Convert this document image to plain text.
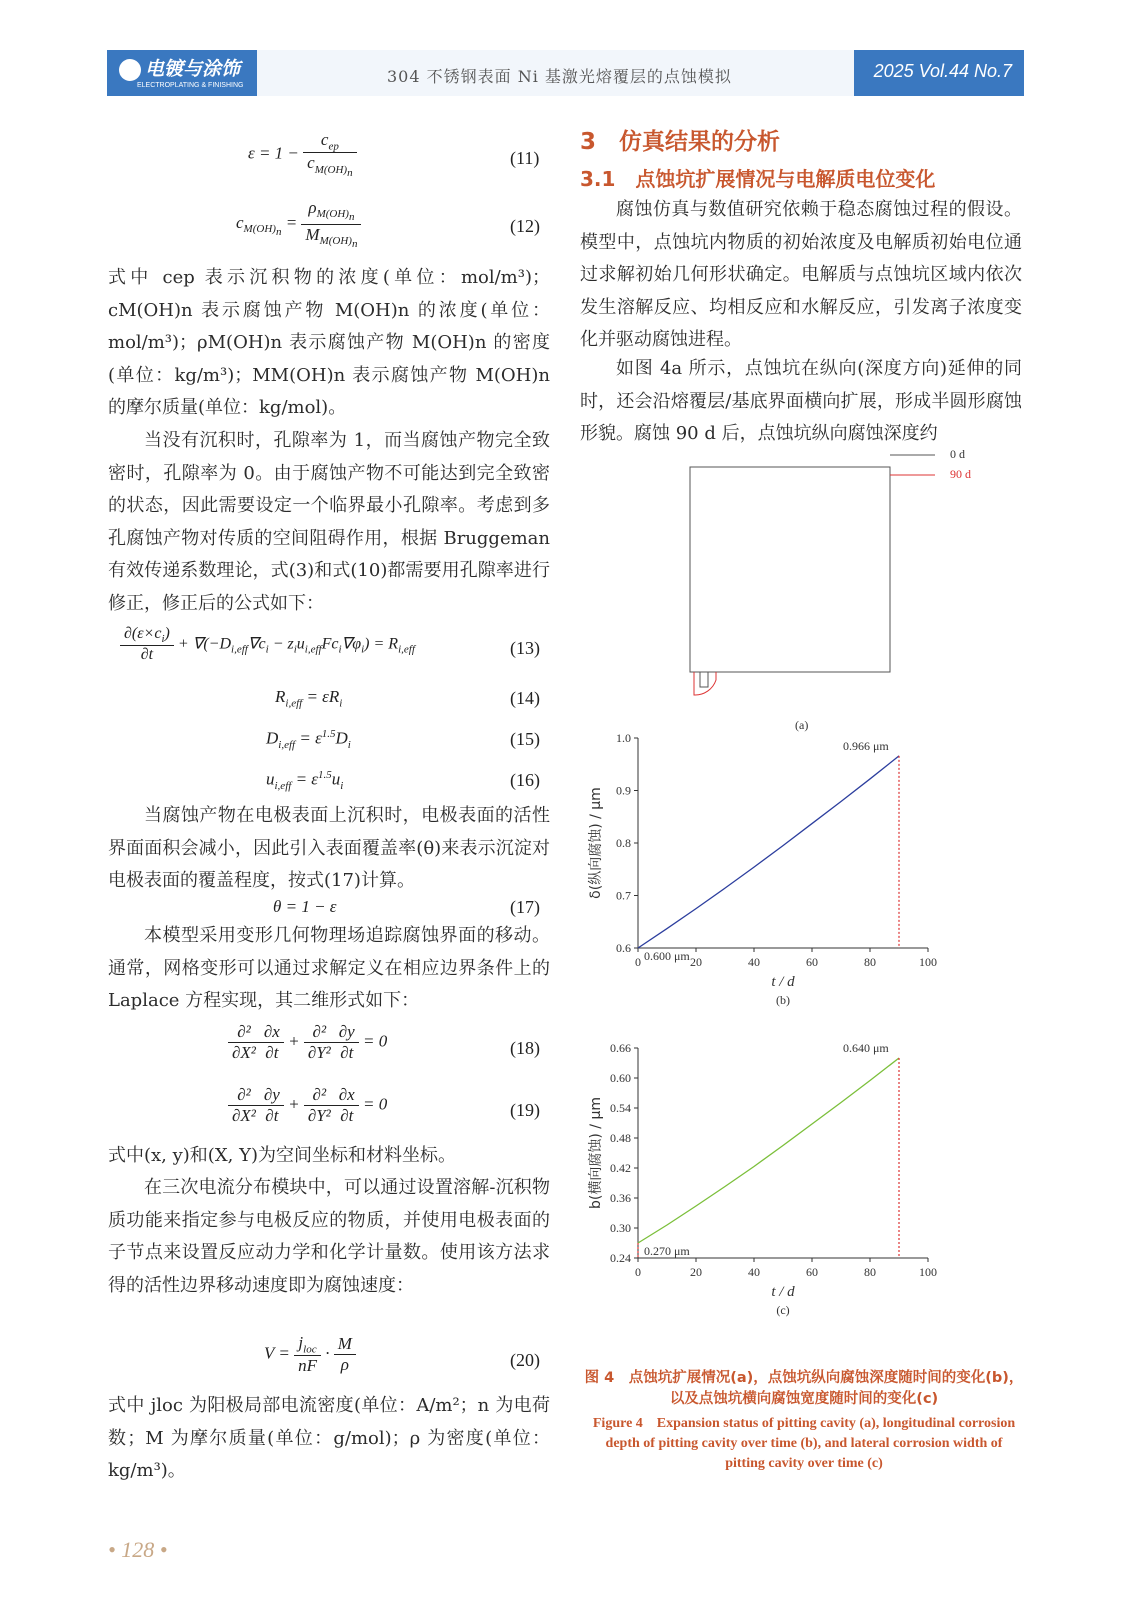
电镀与涂饰
ELECTROPLATING & FINISHING	304 不锈钢表面 Ni 基激光熔覆层的点蚀模拟	2025 Vol.44 No.7
$\varepsilon = 1 - \frac{c_{ep}}{c_{M(OH)_n}}$	(11)
$c_{M(OH)_n} = \frac{\rho_{M(OH)_n}}{M_{M(OH)_n}}$	(12)
式中 cep 表示沉积物的浓度(单位：mol/m³)；cM(OH)n 表示腐蚀产物 M(OH)n 的浓度(单位：mol/m³)；ρM(OH)n 表示腐蚀产物 M(OH)n 的密度(单位：kg/m³)；MM(OH)n 表示腐蚀产物 M(OH)n 的摩尔质量(单位：kg/mol)。
当没有沉积时，孔隙率为 1，而当腐蚀产物完全致密时，孔隙率为 0。由于腐蚀产物不可能达到完全致密的状态，因此需要设定一个临界最小孔隙率。考虑到多孔腐蚀产物对传质的空间阻碍作用，根据 Bruggeman 有效传递系数理论，式(3)和式(10)都需要用孔隙率进行修正，修正后的公式如下：
$\frac{\partial(\varepsilon\times c_i)}{\partial t} + \nabla(-D_{i,eff}\nabla c_i - z_iu_{i,eff}Fc_i\nabla\varphi_i) = R_{i,eff}$	(13)
$R_{i,eff} = \varepsilon R_i$	(14)
$D_{i,eff} = \varepsilon^{1.5}D_i$	(15)
$u_{i,eff} = \varepsilon^{1.5}u_i$	(16)
当腐蚀产物在电极表面上沉积时，电极表面的活性界面面积会减小，因此引入表面覆盖率(θ)来表示沉淀对电极表面的覆盖程度，按式(17)计算。
θ = 1 − ε	(17)
本模型采用变形几何物理场追踪腐蚀界面的移动。通常，网格变形可以通过求解定义在相应边界条件上的 Laplace 方程实现，其二维形式如下：
$\frac{\text{∂²}}{\text{∂X²}} \frac{\partial x}{\partial t} + \frac{\text{∂²}}{\text{∂Y²}} \frac{\partial y}{\partial t} = 0$	(18)
$\frac{\text{∂²}}{\text{∂X²}} \frac{\partial y}{\partial t} + \frac{\text{∂²}}{\text{∂Y²}} \frac{\partial x}{\partial t} = 0$	(19)
式中(x, y)和(X, Y)为空间坐标和材料坐标。
在三次电流分布模块中，可以通过设置溶解-沉积物质功能来指定参与电极反应的物质，并使用电极表面的子节点来设置反应动力学和化学计量数。使用该方法求得的活性边界移动速度即为腐蚀速度：
$V = \frac{j_{loc}}{nF} \cdot \frac{M}{\rho}$	(20)
式中 jloc 为阳极局部电流密度(单位：A/m²；n 为电荷数；M 为摩尔质量(单位：g/mol)；ρ 为密度(单位：kg/m³)。
3　仿真结果的分析
3.1　点蚀坑扩展情况与电解质电位变化
腐蚀仿真与数值研究依赖于稳态腐蚀过程的假设。模型中，点蚀坑内物质的初始浓度及电解质初始电位通过求解初始几何形状确定。电解质与点蚀坑区域内依次发生溶解反应、均相反应和水解反应，引发离子浓度变化并驱动腐蚀进程。
如图 4a 所示，点蚀坑在纵向(深度方向)延伸的同时，还会沿熔覆层/基底界面横向扩展，形成半圆形腐蚀形貌。腐蚀 90 d 后，点蚀坑纵向腐蚀深度约
0 d
90 d
(a)
0	20	40	60	80	100
0.6
0.7
0.8
0.9
1.0
0.600 μm
0.966 μm
t / d
δ(纵向腐蚀) / μm
(b)
0	20	40	60	80	100
0.24
0.30
0.36
0.42
0.48
0.54
0.60
0.66
0.270 μm
0.640 μm
t / d
b(横向腐蚀) / μm
(c)
图 4　点蚀坑扩展情况(a)，点蚀坑纵向腐蚀深度随时间的变化(b)，以及点蚀坑横向腐蚀宽度随时间的变化(c)
Figure 4　Expansion status of pitting cavity (a), longitudinal corrosion depth of pitting cavity over time (b), and lateral corrosion width of pitting cavity over time (c)
• 128 •
